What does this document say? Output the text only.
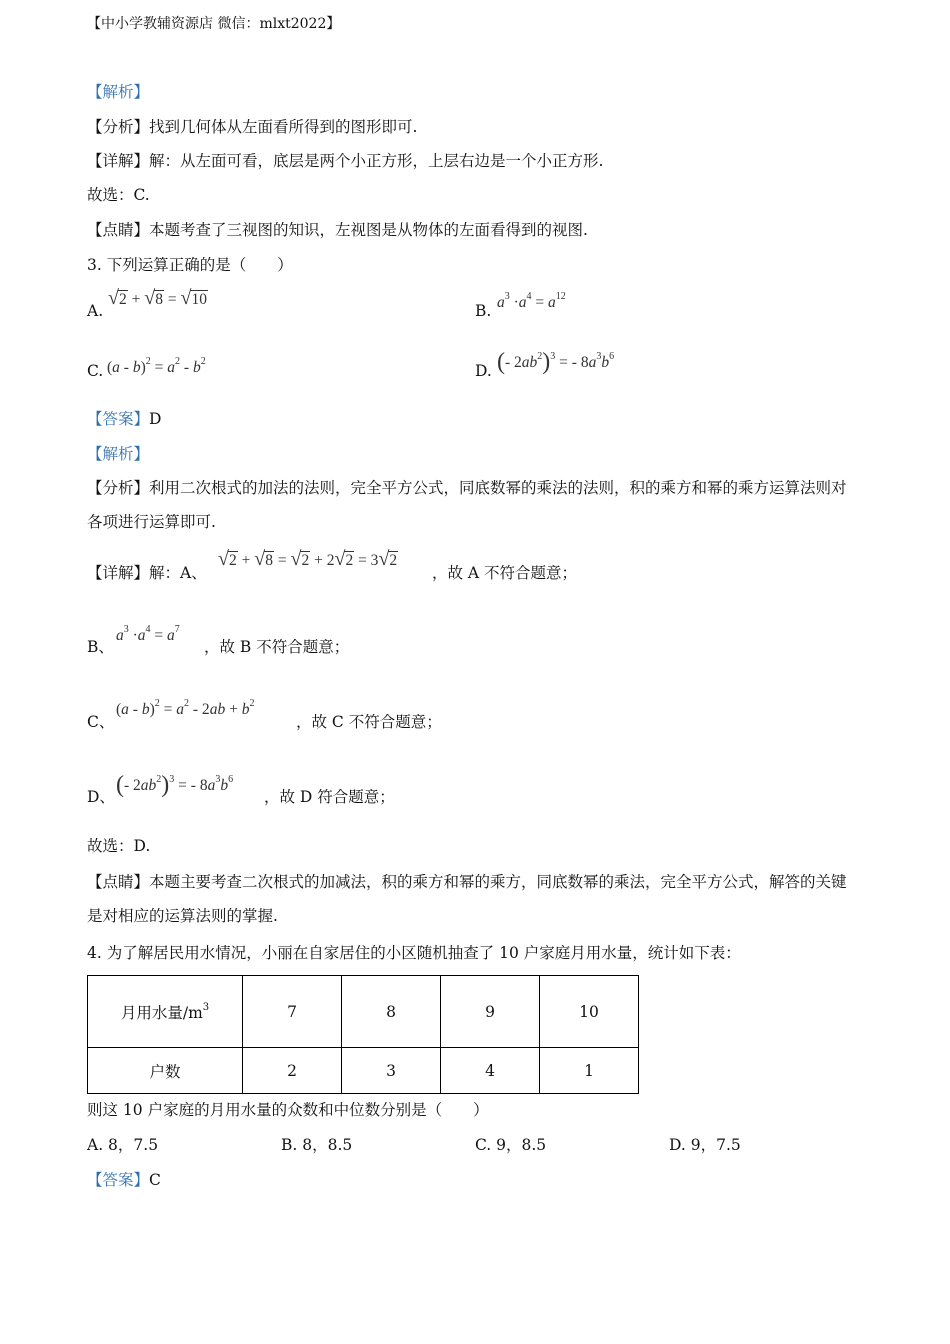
【中小学教辅资源店 微信：mlxt2022】
【解析】
【分析】找到几何体从左面看所得到的图形即可.
【详解】解：从左面可看，底层是两个小正方形，上层右边是一个小正方形.
故选：C.
【点睛】本题考查了三视图的知识，左视图是从物体的左面看得到的视图.
3. 下列运算正确的是（　　）
A.
√2 + √8 = √10
B. $a^3 \cdot a^4 = a^{12}$
C. $(a - b)^2 = a^2 - b^2$
D. (- $2ab^2)^3$ = - $8a^3b^6$
【答案】D
【解析】
【分析】利用二次根式的加法的法则，完全平方公式，同底数幂的乘法的法则，积的乘方和幂的乘方运算法则对各项进行运算即可.
【详解】解：A、
√2 + √8 = √2 + 2√2 = 3√2
，故 A 不符合题意；
B、
$a^3 \cdot a^4 = a^7$
，故 B 不符合题意；
C、
$(a - b)^2 = a^2 - 2ab + b^2$
，故 C 不符合题意；
D、 (- $2ab^2)^3$ = - $8a^3b^6$
，故 D 符合题意；
故选：D.
【点睛】本题主要考查二次根式的加减法，积的乘方和幂的乘方，同底数幂的乘法，完全平方公式，解答的关键是对相应的运算法则的掌握.
4. 为了解居民用水情况，小丽在自家居住的小区随机抽查了 10 户家庭月用水量，统计如下表：
月用水量$/m^3$	7	8	9	10
户数	2	3	4	1
则这 10 户家庭的月用水量的众数和中位数分别是（　　）
A. 8，7.5	B. 8，8.5	C. 9，8.5	D. 9，7.5
【答案】C
